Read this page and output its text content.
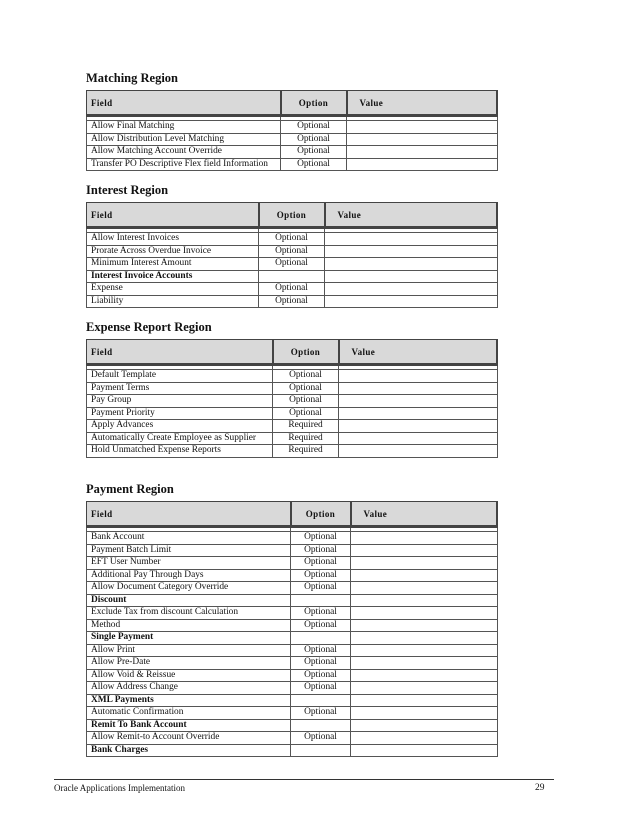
Matching Region
Field	Option	Value

Allow Final Matching	Optional	
Allow Distribution Level Matching	Optional	
Allow Matching Account Override	Optional	
Transfer PO Descriptive Flex field Information	Optional	
Interest Region
Field	Option	Value

Allow Interest Invoices	Optional	
Prorate Across Overdue Invoice	Optional	
Minimum Interest Amount	Optional	
Interest Invoice Accounts		
Expense	Optional	
Liability	Optional	
Expense Report Region
Field	Option	Value

Default Template	Optional	
Payment Terms	Optional	
Pay Group	Optional	
Payment Priority	Optional	
Apply Advances	Required	
Automatically Create Employee as Supplier	Required	
Hold Unmatched Expense Reports	Required	
Payment Region
Field	Option	Value

Bank Account	Optional	
Payment Batch Limit	Optional	
EFT User Number	Optional	
Additional Pay Through Days	Optional	
Allow Document Category Override	Optional	
Discount		
Exclude Tax from discount Calculation	Optional	
Method	Optional	
Single Payment		
Allow Print	Optional	
Allow Pre-Date	Optional	
Allow Void & Reissue	Optional	
Allow Address Change	Optional	
XML Payments		
Automatic Confirmation	Optional	
Remit To Bank Account		
Allow Remit-to Account Override	Optional	
Bank Charges		
Oracle Applications Implementation	29
